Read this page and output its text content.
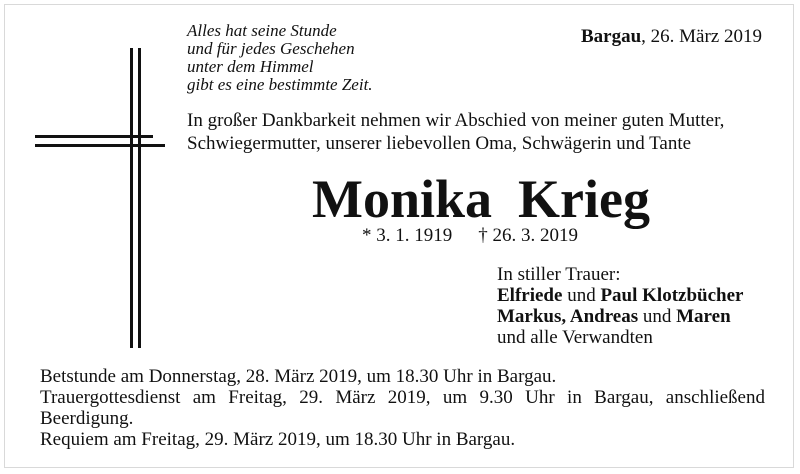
Alles hat seine Stunde
und für jedes Geschehen
unter dem Himmel
gibt es eine bestimmte Zeit.
Bargau, 26. März 2019
In großer Dankbarkeit nehmen wir Abschied von meiner guten Mutter,
Schwiegermutter, unserer liebevollen Oma, Schwägerin und Tante
Monika Krieg
* 3. 1. 1919 † 26. 3. 2019
In stiller Trauer:
Elfriede und Paul Klotzbücher
Markus, Andreas und Maren
und alle Verwandten
Betstunde am Donnerstag, 28. März 2019, um 18.30 Uhr in Bargau.
Trauergottesdienst am Freitag, 29. März 2019, um 9.30 Uhr in Bargau, anschließend
Beerdigung.
Requiem am Freitag, 29. März 2019, um 18.30 Uhr in Bargau.
